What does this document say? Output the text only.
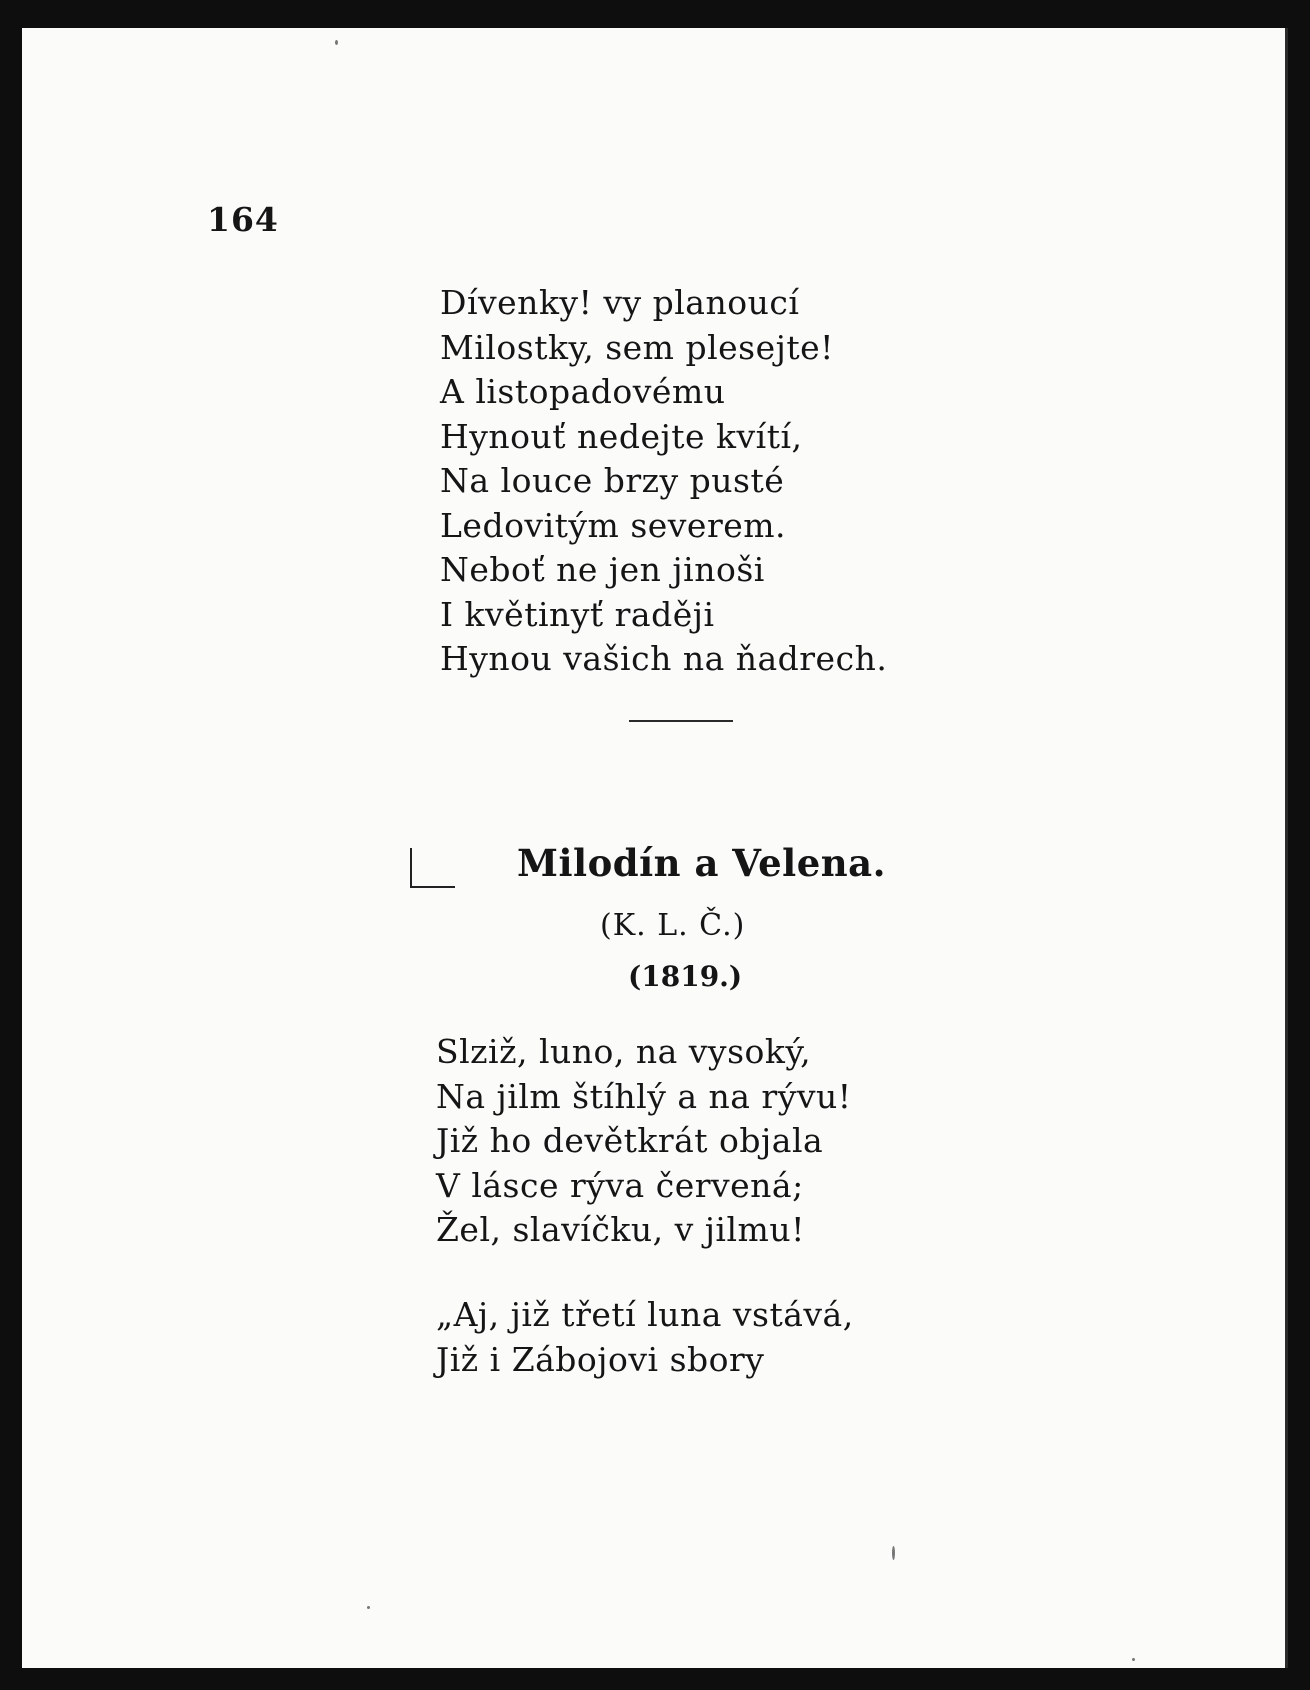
164
Dívenky! vy planoucí
Milostky, sem plesejte!
A listopadovému
Hynouť nedejte kvítí,
Na louce brzy pusté
Ledovitým severem.
Neboť ne jen jinoši
I květinyť raději
Hynou vašich na ňadrech.
Milodín a Velena.
(K. L. Č.)
(1819.)
Slziž, luno, na vysoký,
Na jilm štíhlý a na rývu!
Již ho devětkrát objala
V lásce rýva červená;
Žel, slavíčku, v jilmu!
„Aj, již třetí luna vstává,
Již i Zábojovi sbory
